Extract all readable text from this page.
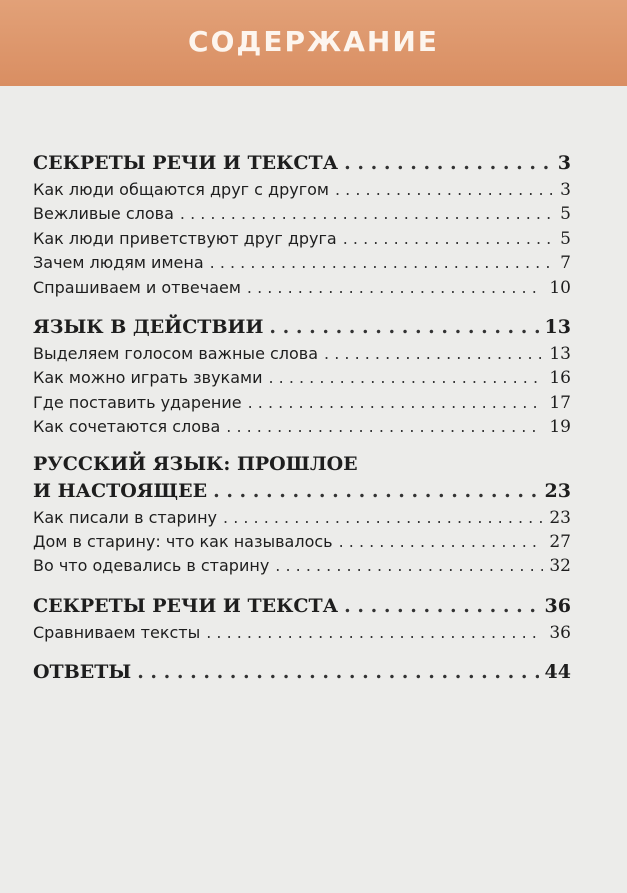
СОДЕРЖАНИЕ
СЕКРЕТЫ РЕЧИ И ТЕКСТА . . .	3
Как люди общаются друг с другом . . .	3
Вежливые слова . . .	5
Как люди приветствуют друг друга . . .	5
Зачем людям имена . . .	7
Спрашиваем и отвечаем . . .	10
ЯЗЫК В ДЕЙСТВИИ . . .	13
Выделяем голосом важные слова . . .	13
Как можно играть звуками . . .	16
Где поставить ударение . . .	17
Как сочетаются слова . . .	19
РУССКИЙ ЯЗЫК: ПРОШЛОЕ
И НАСТОЯЩЕЕ . . .	23
Как писали в старину . . .	23
Дом в старину: что как называлось . . .	27
Во что одевались в старину . . .	32
СЕКРЕТЫ РЕЧИ И ТЕКСТА . . .	36
Сравниваем тексты . . .	36
ОТВЕТЫ . . .	44
